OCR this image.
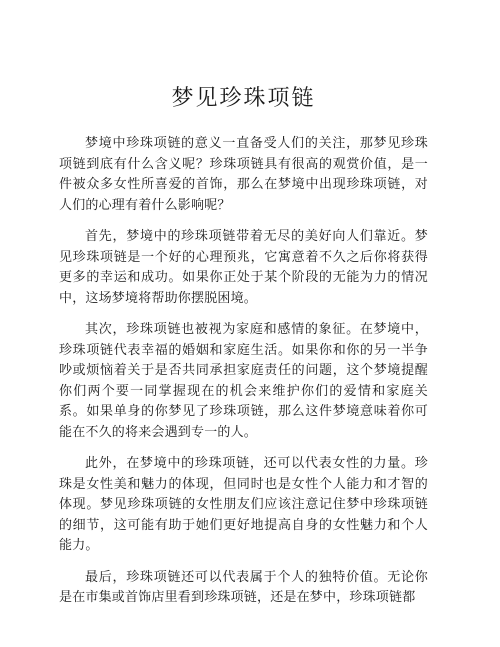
梦见珍珠项链

梦境中珍珠项链的意义一直备受人们的关注，那梦见珍珠项链到底有什么含义呢？珍珠项链具有很高的观赏价值，是一件被众多女性所喜爱的首饰，那么在梦境中出现珍珠项链，对人们的心理有着什么影响呢？

首先，梦境中的珍珠项链带着无尽的美好向人们靠近。梦见珍珠项链是一个好的心理预兆，它寓意着不久之后你将获得更多的幸运和成功。如果你正处于某个阶段的无能为力的情况中，这场梦境将帮助你摆脱困境。

其次，珍珠项链也被视为家庭和感情的象征。在梦境中，珍珠项链代表幸福的婚姻和家庭生活。如果你和你的另一半争吵或烦恼着关于是否共同承担家庭责任的问题，这个梦境提醒你们两个要一同掌握现在的机会来维护你们的爱情和家庭关系。如果单身的你梦见了珍珠项链，那么这件梦境意味着你可能在不久的将来会遇到专一的人。

此外，在梦境中的珍珠项链，还可以代表女性的力量。珍珠是女性美和魅力的体现，但同时也是女性个人能力和才智的体现。梦见珍珠项链的女性朋友们应该注意记住梦中珍珠项链的细节，这可能有助于她们更好地提高自身的女性魅力和个人能力。

最后，珍珠项链还可以代表属于个人的独特价值。无论你是在市集或首饰店里看到珍珠项链，还是在梦中，珍珠项链都
